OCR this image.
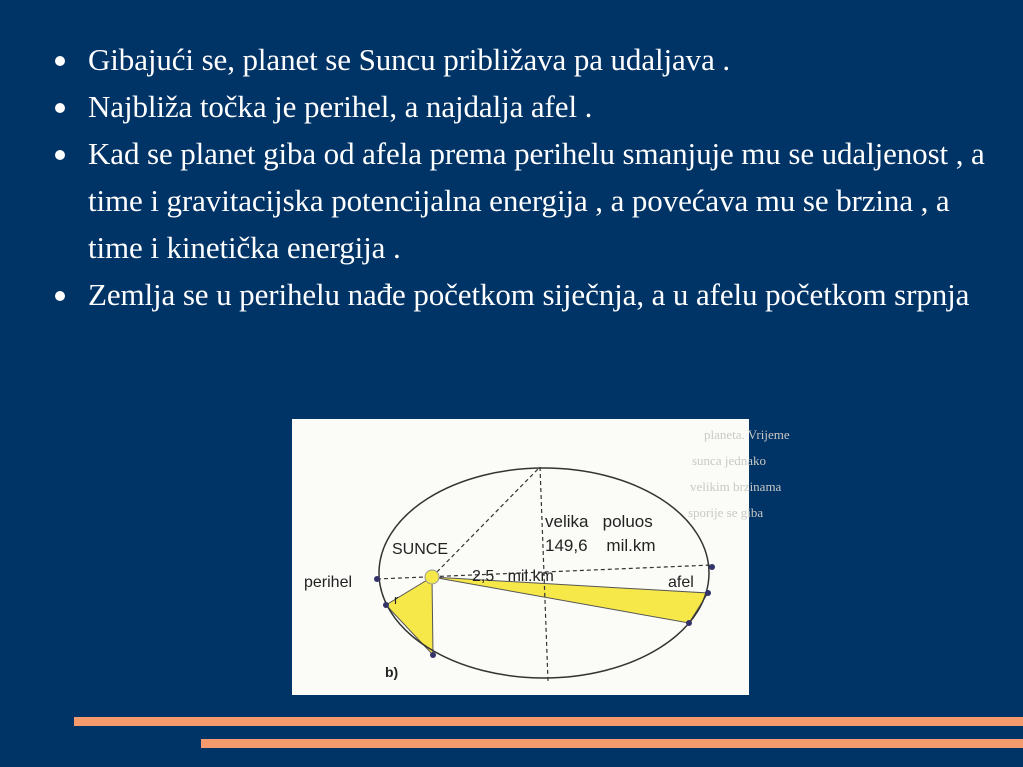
Gibajući se, planet se Suncu približava pa udaljava .
Najbliža točka je perihel, a najdalja afel .
Kad se planet giba od afela prema perihelu smanjuje mu se udaljenost , a time i gravitacijska potencijalna energija , a povećava mu se brzina , a time i kinetička energija .
Zemlja se u perihelu nađe početkom siječnja, a u afelu početkom srpnja
planeta. Vrijeme
sunca jednako
velikim brzinama
sporije se giba
SUNCE
perihel	afel
velika   poluos
149,6    mil.km
2,5   mil.km
r
b)
